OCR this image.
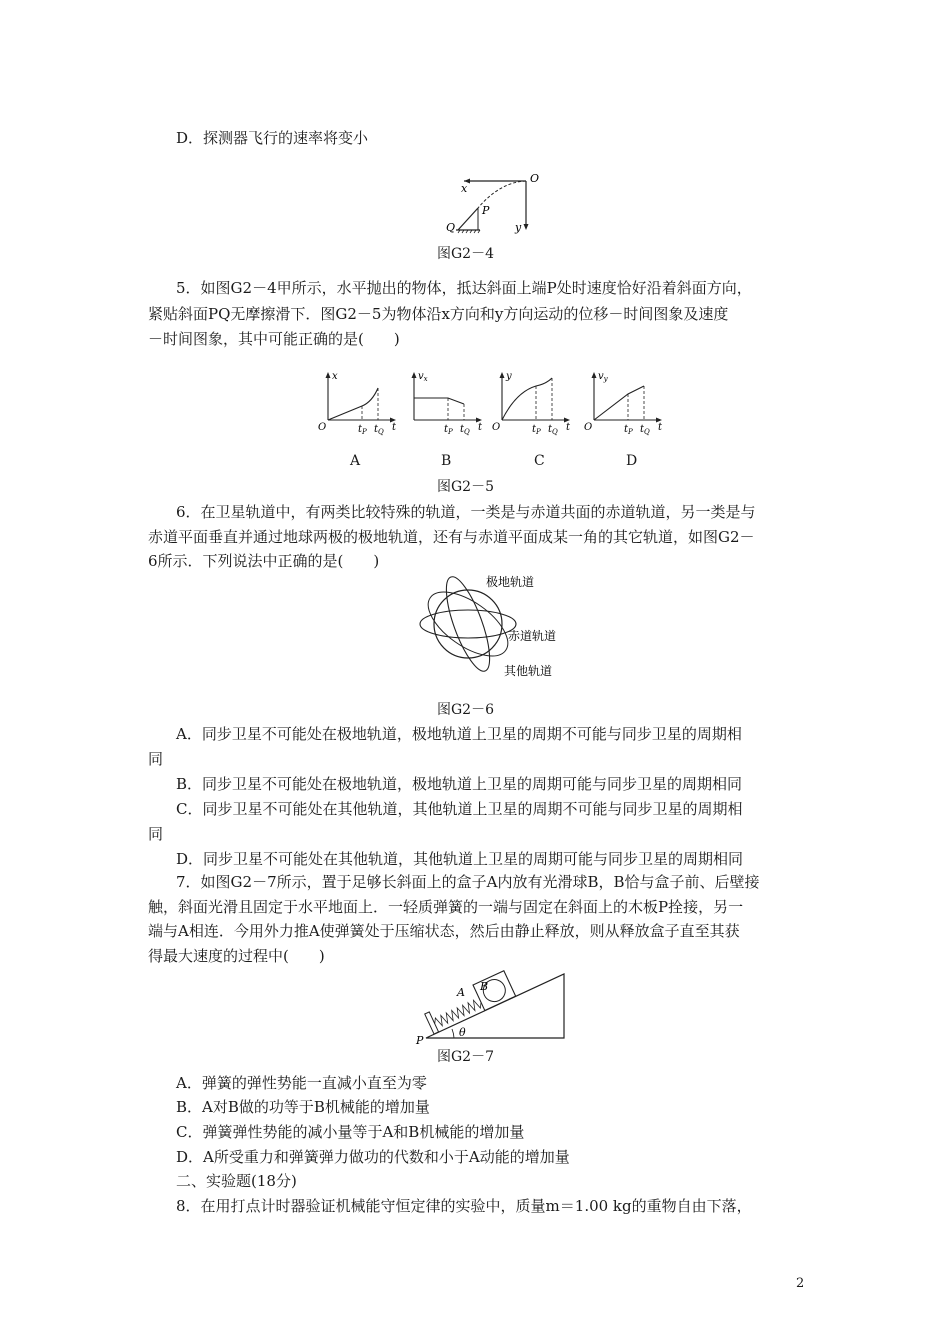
D．探测器飞行的速率将变小
O
x
y
P
Q
图G2－4
5．如图G2－4甲所示，水平抛出的物体，抵达斜面上端P处时速度恰好沿着斜面方向，
紧贴斜面PQ无摩擦滑下．图G2－5为物体沿x方向和y方向运动的位移－时间图象及速度
－时间图象，其中可能正确的是(　　)
x
O	$t_P$ $t_Q$ t
$v_x$
$t_P$ $t_Q$ t
y
O	$t_P$ $t_Q$ t
$v_y$
O	$t_P$ $t_Q$ t
A	B	C	D
图G2－5
6．在卫星轨道中，有两类比较特殊的轨道，一类是与赤道共面的赤道轨道，另一类是与
赤道平面垂直并通过地球两极的极地轨道，还有与赤道平面成某一角的其它轨道，如图G2－
6所示．下列说法中正确的是(　　)
极地轨道
赤道轨道
其他轨道
图G2－6
A．同步卫星不可能处在极地轨道，极地轨道上卫星的周期不可能与同步卫星的周期相
同
B．同步卫星不可能处在极地轨道，极地轨道上卫星的周期可能与同步卫星的周期相同
C．同步卫星不可能处在其他轨道，其他轨道上卫星的周期不可能与同步卫星的周期相
同
D．同步卫星不可能处在其他轨道，其他轨道上卫星的周期可能与同步卫星的周期相同
7．如图G2－7所示，置于足够长斜面上的盒子A内放有光滑球B，B恰与盒子前、后壁接
触，斜面光滑且固定于水平地面上．一轻质弹簧的一端与固定在斜面上的木板P拴接，另一
端与A相连．今用外力推A使弹簧处于压缩状态，然后由静止释放，则从释放盒子直至其获
得最大速度的过程中(　　)
A B
P
θ
图G2－7
A．弹簧的弹性势能一直减小直至为零
B．A对B做的功等于B机械能的增加量
C．弹簧弹性势能的减小量等于A和B机械能的增加量
D．A所受重力和弹簧弹力做功的代数和小于A动能的增加量
二、实验题(18分)
8．在用打点计时器验证机械能守恒定律的实验中，质量m＝1.00 kg的重物自由下落，
2
